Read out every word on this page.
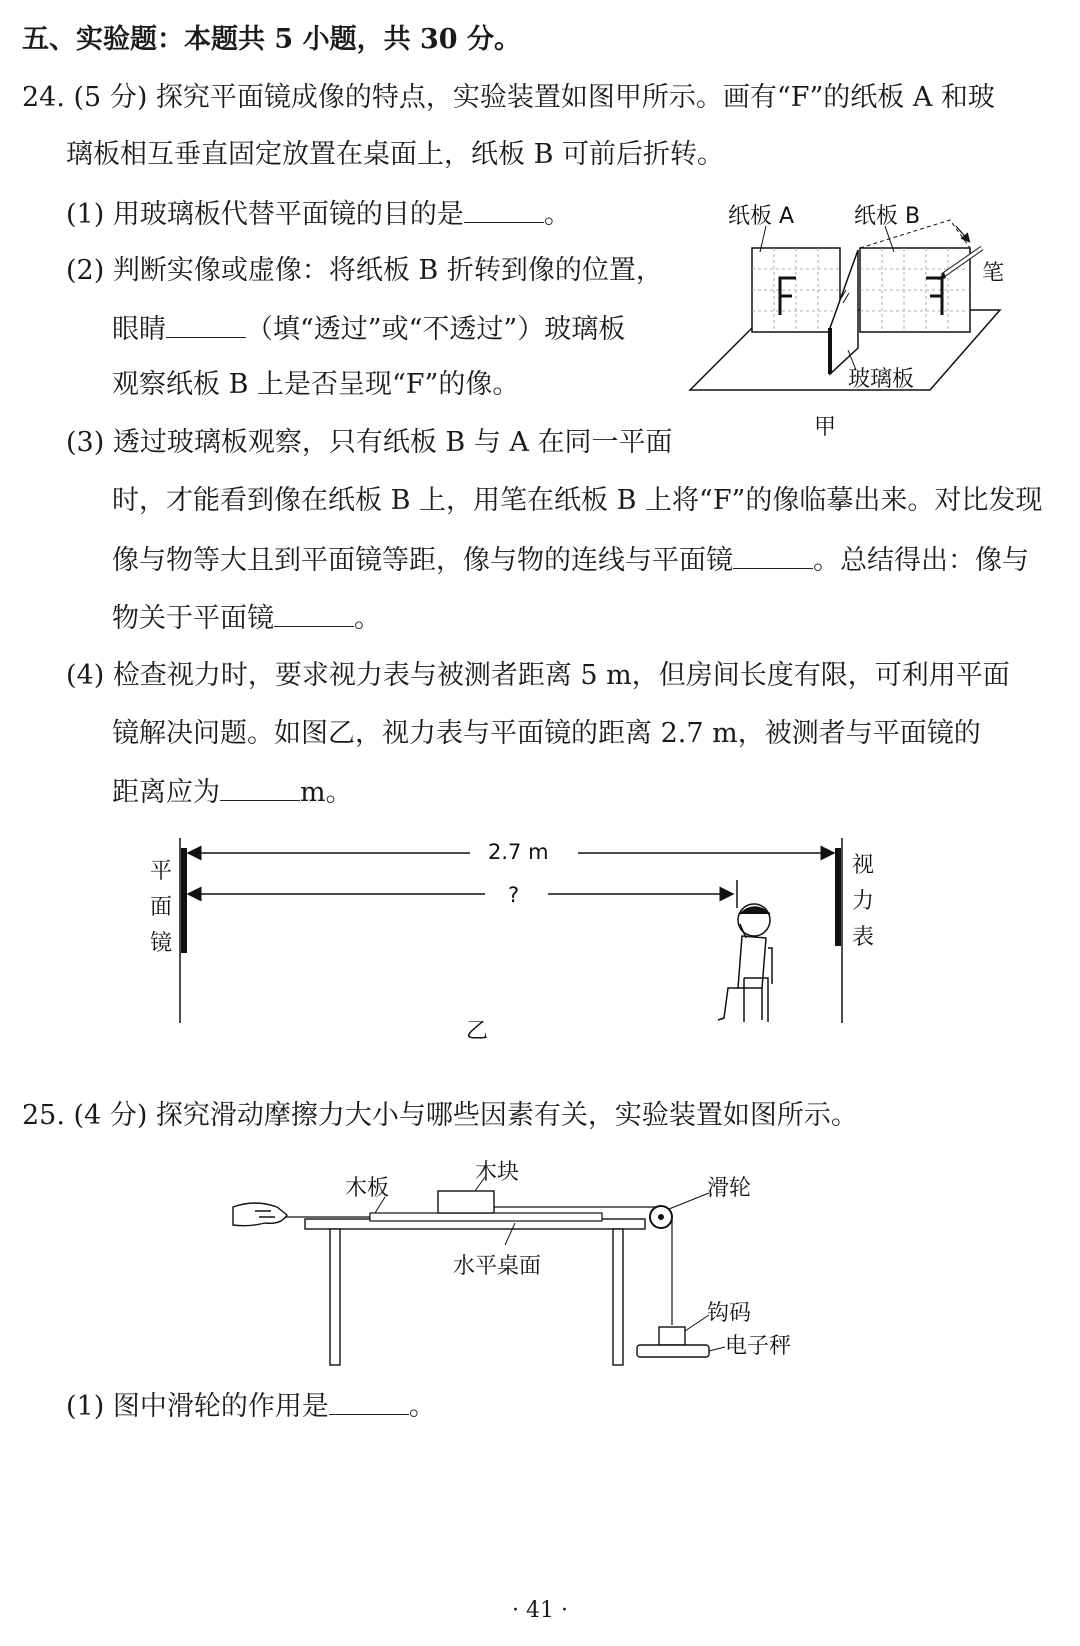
五、实验题：本题共 5 小题，共 30 分。
24. (5 分) 探究平面镜成像的特点，实验装置如图甲所示。画有“F”的纸板 A 和玻
璃板相互垂直固定放置在桌面上，纸板 B 可前后折转。
(1) 用玻璃板代替平面镜的目的是	。
(2) 判断实像或虚像：将纸板 B 折转到像的位置，
眼睛	（填“透过”或“不透过”）玻璃板
观察纸板 B 上是否呈现“F”的像。
(3) 透过玻璃板观察，只有纸板 B 与 A 在同一平面
时，才能看到像在纸板 B 上，用笔在纸板 B 上将“F”的像临摹出来。对比发现
像与物等大且到平面镜等距，像与物的连线与平面镜	。总结得出：像与
物关于平面镜	。
(4) 检查视力时，要求视力表与被测者距离 5 m，但房间长度有限，可利用平面
镜解决问题。如图乙，视力表与平面镜的距离 2.7 m，被测者与平面镜的
距离应为	m。
纸板 A	纸板 B
笔
玻璃板
甲
平
面
镜
视
力
表
2.7 m
?
乙
25. (4 分) 探究滑动摩擦力大小与哪些因素有关，实验装置如图所示。
木板
木块
滑轮
水平桌面
钩码
电子秤
(1) 图中滑轮的作用是	。
· 41 ·
